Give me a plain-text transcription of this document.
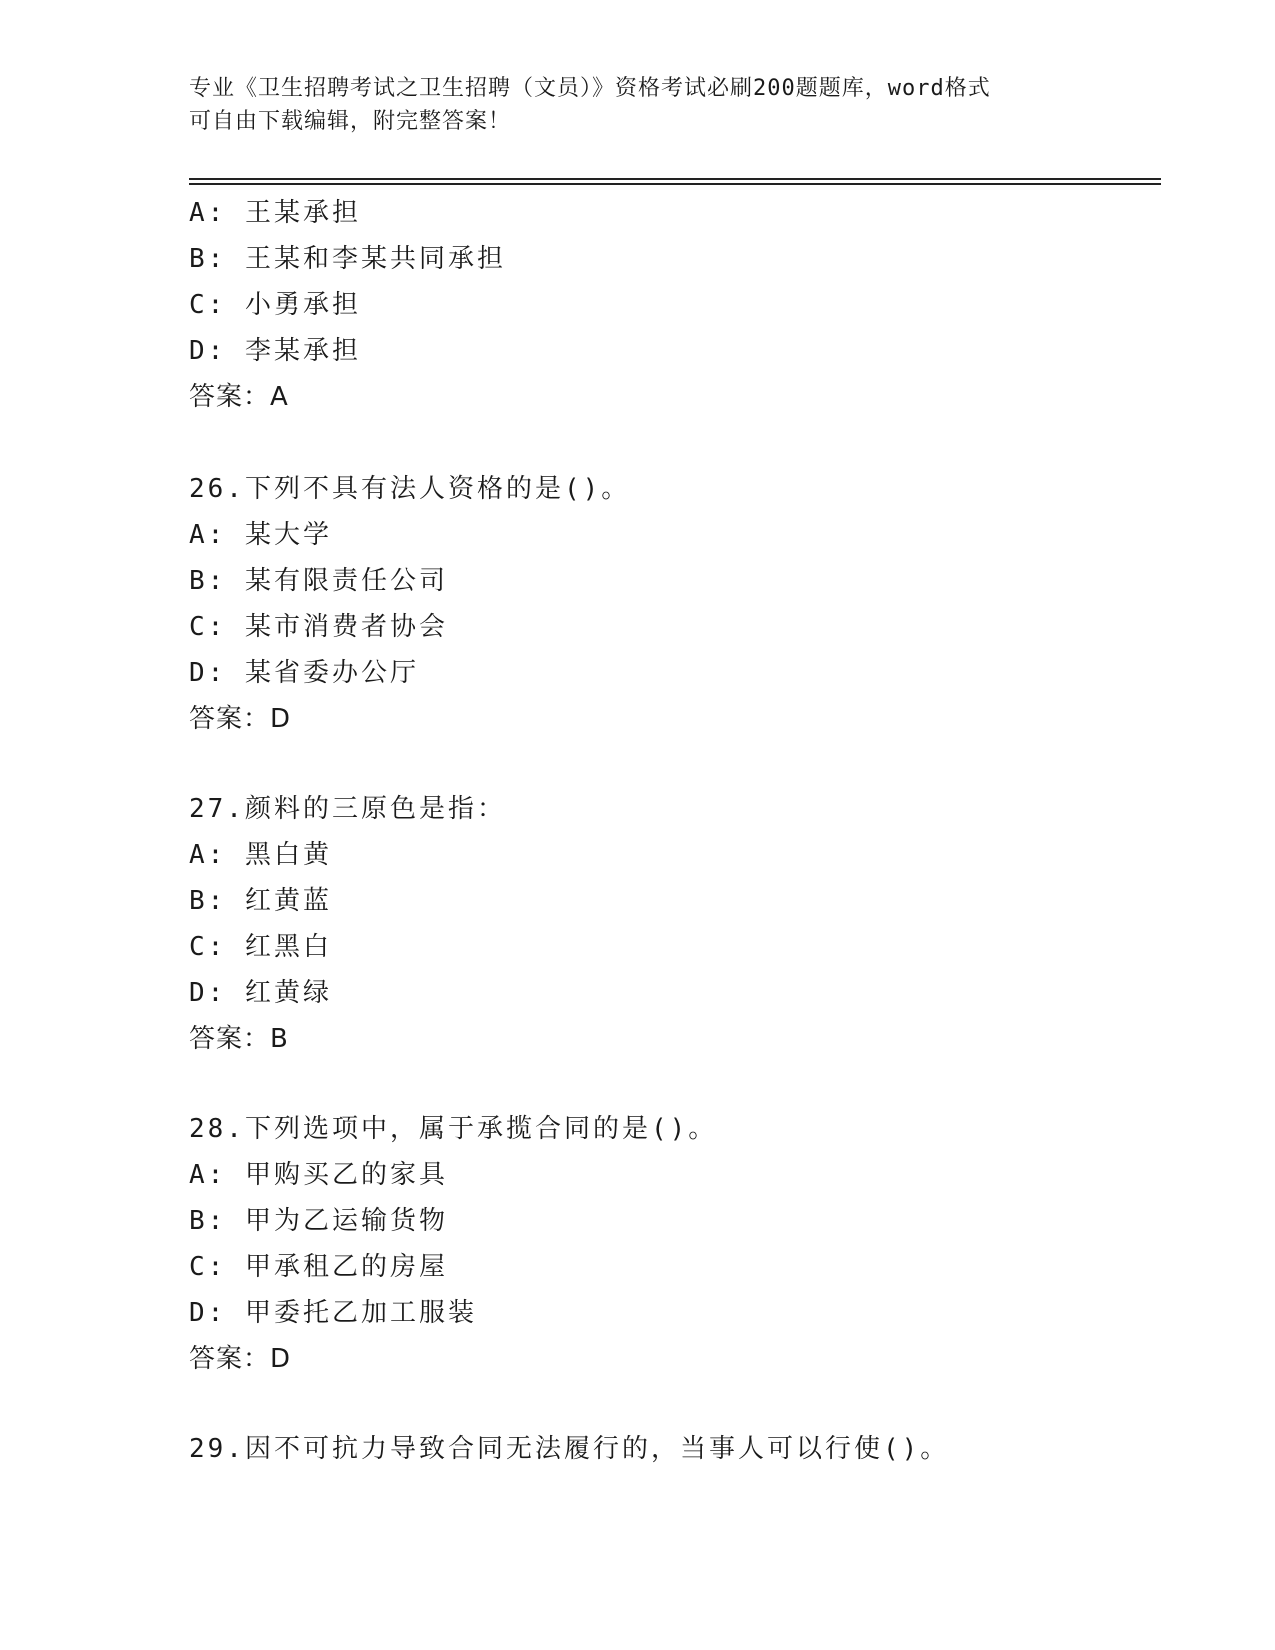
专业《卫生招聘考试之卫生招聘（文员）》资格考试必刷200题题库，word格式

可自由下载编辑，附完整答案！

A: 王某承担
B: 王某和李某共同承担
C: 小勇承担
D: 李某承担
答案：A
26.下列不具有法人资格的是()。
A: 某大学
B: 某有限责任公司
C: 某市消费者协会
D: 某省委办公厅
答案：D
27.颜料的三原色是指：
A: 黑白黄
B: 红黄蓝
C: 红黑白
D: 红黄绿
答案：B
28.下列选项中，属于承揽合同的是()。
A: 甲购买乙的家具
B: 甲为乙运输货物
C: 甲承租乙的房屋
D: 甲委托乙加工服装
答案：D
29.因不可抗力导致合同无法履行的，当事人可以行使()。
